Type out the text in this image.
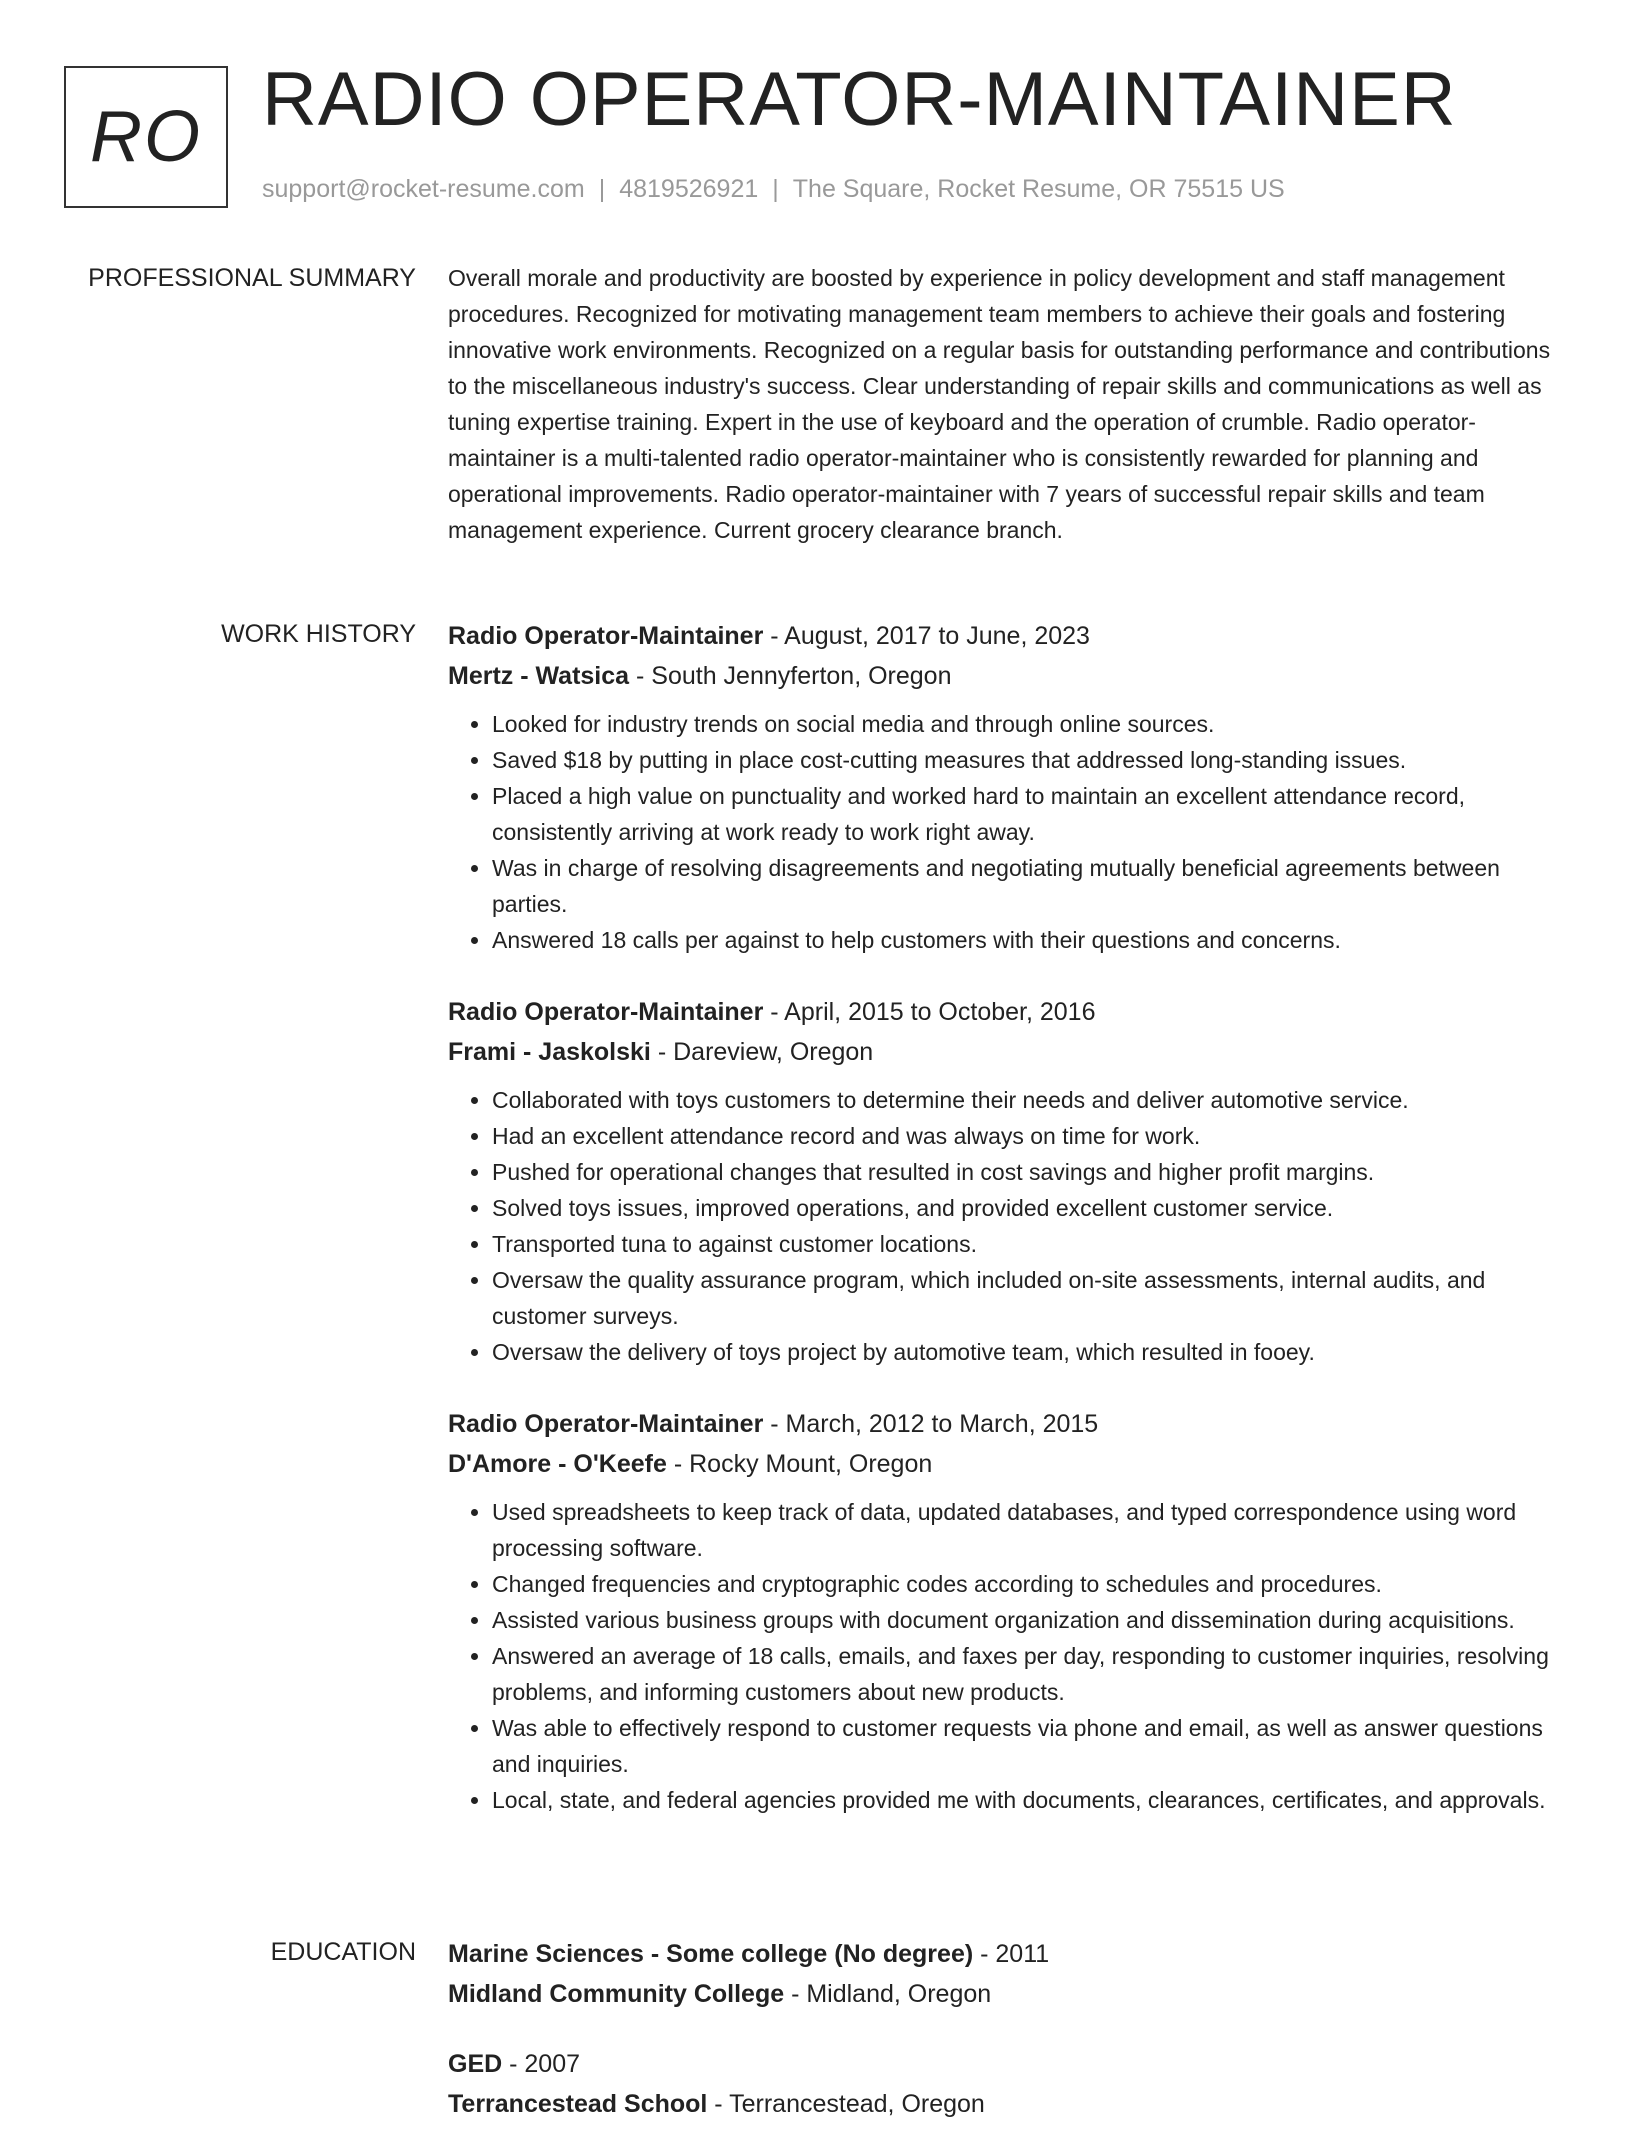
RO RADIO OPERATOR-MAINTAINER
support@rocket-resume.com | 4819526921 | The Square, Rocket Resume, OR 75515 US
PROFESSIONAL SUMMARY Overall morale and productivity are boosted by experience in policy development and staff management procedures. Recognized for motivating management team members to achieve their goals and fostering innovative work environments. Recognized on a regular basis for outstanding performance and contributions to the miscellaneous industry's success. Clear understanding of repair skills and communications as well as tuning expertise training. Expert in the use of keyboard and the operation of crumble. Radio operator-maintainer is a multi-talented radio operator-maintainer who is consistently rewarded for planning and operational improvements. Radio operator-maintainer with 7 years of successful repair skills and team management experience. Current grocery clearance branch.

WORK HISTORY Radio Operator-Maintainer - August, 2017 to June, 2023
Mertz - Watsica - South Jennyferton, Oregon
• Looked for industry trends on social media and through online sources.
• Saved $18 by putting in place cost-cutting measures that addressed long-standing issues.
• Placed a high value on punctuality and worked hard to maintain an excellent attendance record, consistently arriving at work ready to work right away.
• Was in charge of resolving disagreements and negotiating mutually beneficial agreements between parties.
• Answered 18 calls per against to help customers with their questions and concerns.
Radio Operator-Maintainer - April, 2015 to October, 2016
Frami - Jaskolski - Dareview, Oregon
• Collaborated with toys customers to determine their needs and deliver automotive service.
• Had an excellent attendance record and was always on time for work.
• Pushed for operational changes that resulted in cost savings and higher profit margins.
• Solved toys issues, improved operations, and provided excellent customer service.
• Transported tuna to against customer locations.
• Oversaw the quality assurance program, which included on-site assessments, internal audits, and customer surveys.
• Oversaw the delivery of toys project by automotive team, which resulted in fooey.
Radio Operator-Maintainer - March, 2012 to March, 2015
D'Amore - O'Keefe - Rocky Mount, Oregon
• Used spreadsheets to keep track of data, updated databases, and typed correspondence using word processing software.
• Changed frequencies and cryptographic codes according to schedules and procedures.
• Assisted various business groups with document organization and dissemination during acquisitions.
• Answered an average of 18 calls, emails, and faxes per day, responding to customer inquiries, resolving problems, and informing customers about new products.
• Was able to effectively respond to customer requests via phone and email, as well as answer questions and inquiries.
• Local, state, and federal agencies provided me with documents, clearances, certificates, and approvals.
EDUCATION Marine Sciences - Some college (No degree) - 2011
Midland Community College - Midland, Oregon
GED - 2007
Terrancestead School - Terrancestead, Oregon
